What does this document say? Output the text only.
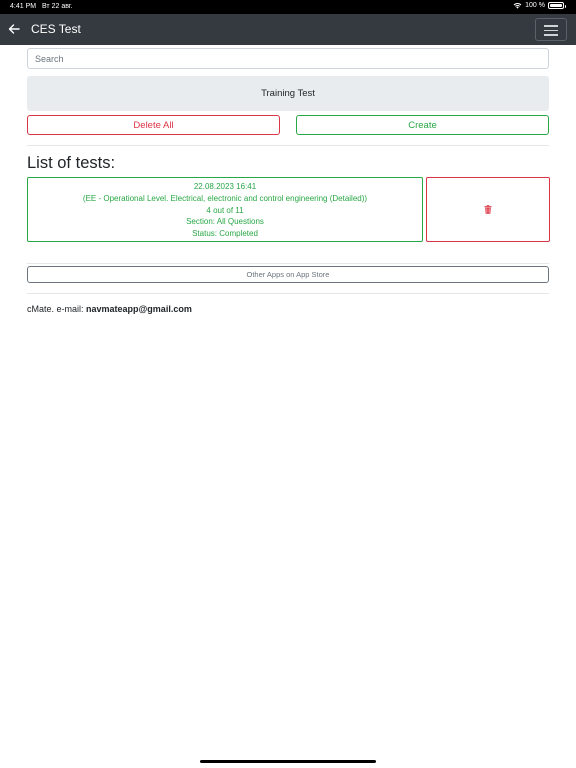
4:41 PM Вт 22 авг.	100 %
CES Test
Search
Training Test
Delete All	Create
List of tests:
22.08.2023 16:41
(EE - Operational Level. Electrical, electronic and control engineering (Detailed))
4 out of 11
Section: All Questions
Status: Completed
Other Apps on App Store
cMate. e-mail: navmateapp@gmail.com
